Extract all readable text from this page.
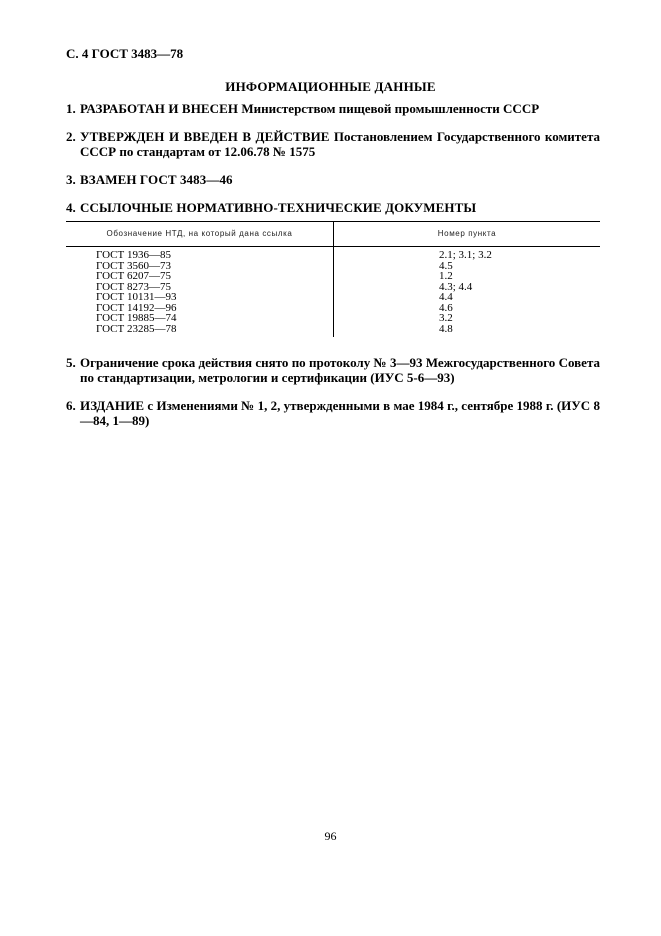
С. 4 ГОСТ 3483—78
ИНФОРМАЦИОННЫЕ ДАННЫЕ
1. РАЗРАБОТАН И ВНЕСЕН Министерством пищевой промышленности СССР
2. УТВЕРЖДЕН И ВВЕДЕН В ДЕЙСТВИЕ Постановлением Государственного комитета СССР по стандартам от 12.06.78 № 1575
3. ВЗАМЕН ГОСТ 3483—46
4. ССЫЛОЧНЫЕ НОРМАТИВНО-ТЕХНИЧЕСКИЕ ДОКУМЕНТЫ
Обозначение НТД, на который дана ссылка	Номер пункта
ГОСТ 1936—85	2.1; 3.1; 3.2
ГОСТ 3560—73	4.5
ГОСТ 6207—75	1.2
ГОСТ 8273—75	4.3; 4.4
ГОСТ 10131—93	4.4
ГОСТ 14192—96	4.6
ГОСТ 19885—74	3.2
ГОСТ 23285—78	4.8
5. Ограничение срока действия снято по протоколу № 3—93 Межгосударственного Совета по стандартизации, метрологии и сертификации (ИУС 5-6—93)
6. ИЗДАНИЕ с Изменениями № 1, 2, утвержденными в мае 1984 г., сентябре 1988 г. (ИУС 8—84, 1—89)
96
